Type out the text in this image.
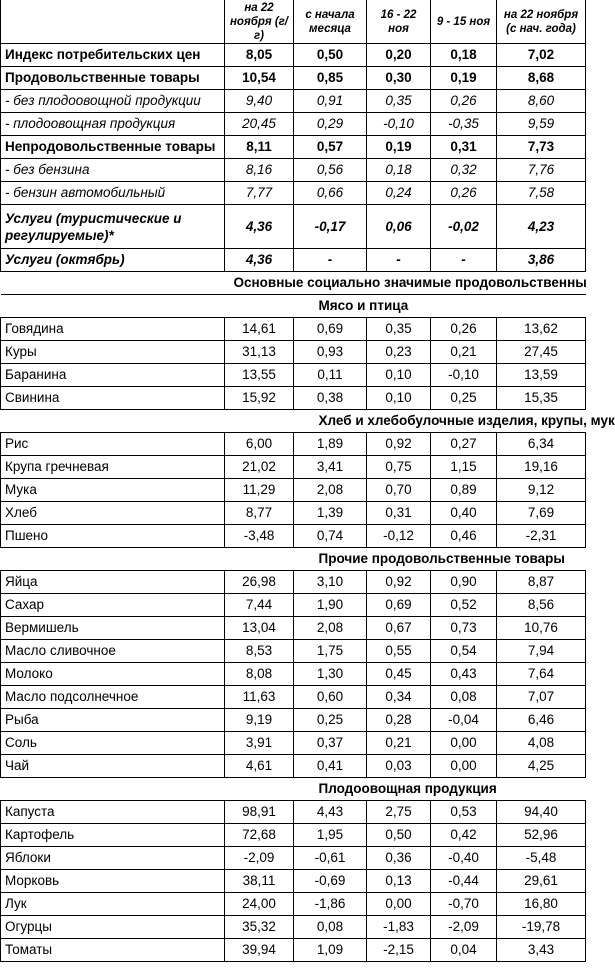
	на 22 ноября (г/г)	с начала месяца	16 - 22 ноя	9 - 15 ноя	на 22 ноября (с нач. года)
Индекс потребительских цен	8,05	0,50	0,20	0,18	7,02
Продовольственные товары	10,54	0,85	0,30	0,19	8,68
- без плодоовощной продукции	9,40	0,91	0,35	0,26	8,60
- плодоовощная продукция	20,45	0,29	-0,10	-0,35	9,59
Непродовольственные товары	8,11	0,57	0,19	0,31	7,73
- без бензина	8,16	0,56	0,18	0,32	7,76
- бензин автомобильный	7,77	0,66	0,24	0,26	7,58
Услуги (туристические и регулируемые)*	4,36	-0,17	0,06	-0,02	4,23
Услуги (октябрь)	4,36	-	-	-	3,86
Основные социально значимые продовольственны					
Мясо и птица					
Говядина	14,61	0,69	0,35	0,26	13,62
Куры	31,13	0,93	0,23	0,21	27,45
Баранина	13,55	0,11	0,10	-0,10	13,59
Свинина	15,92	0,38	0,10	0,25	15,35
Хлеб и хлебобулочные изделия, крупы, мук					
Рис	6,00	1,89	0,92	0,27	6,34
Крупа гречневая	21,02	3,41	0,75	1,15	19,16
Мука	11,29	2,08	0,70	0,89	9,12
Хлеб	8,77	1,39	0,31	0,40	7,69
Пшено	-3,48	0,74	-0,12	0,46	-2,31
Прочие продовольственные товары					
Яйца	26,98	3,10	0,92	0,90	8,87
Сахар	7,44	1,90	0,69	0,52	8,56
Вермишель	13,04	2,08	0,67	0,73	10,76
Масло сливочное	8,53	1,75	0,55	0,54	7,94
Молоко	8,08	1,30	0,45	0,43	7,64
Масло подсолнечное	11,63	0,60	0,34	0,08	7,07
Рыба	9,19	0,25	0,28	-0,04	6,46
Соль	3,91	0,37	0,21	0,00	4,08
Чай	4,61	0,41	0,03	0,00	4,25
Плодоовощная продукция					
Капуста	98,91	4,43	2,75	0,53	94,40
Картофель	72,68	1,95	0,50	0,42	52,96
Яблоки	-2,09	-0,61	0,36	-0,40	-5,48
Морковь	38,11	-0,69	0,13	-0,44	29,61
Лук	24,00	-1,86	0,00	-0,70	16,80
Огурцы	35,32	0,08	-1,83	-2,09	-19,78
Томаты	39,94	1,09	-2,15	0,04	3,43
